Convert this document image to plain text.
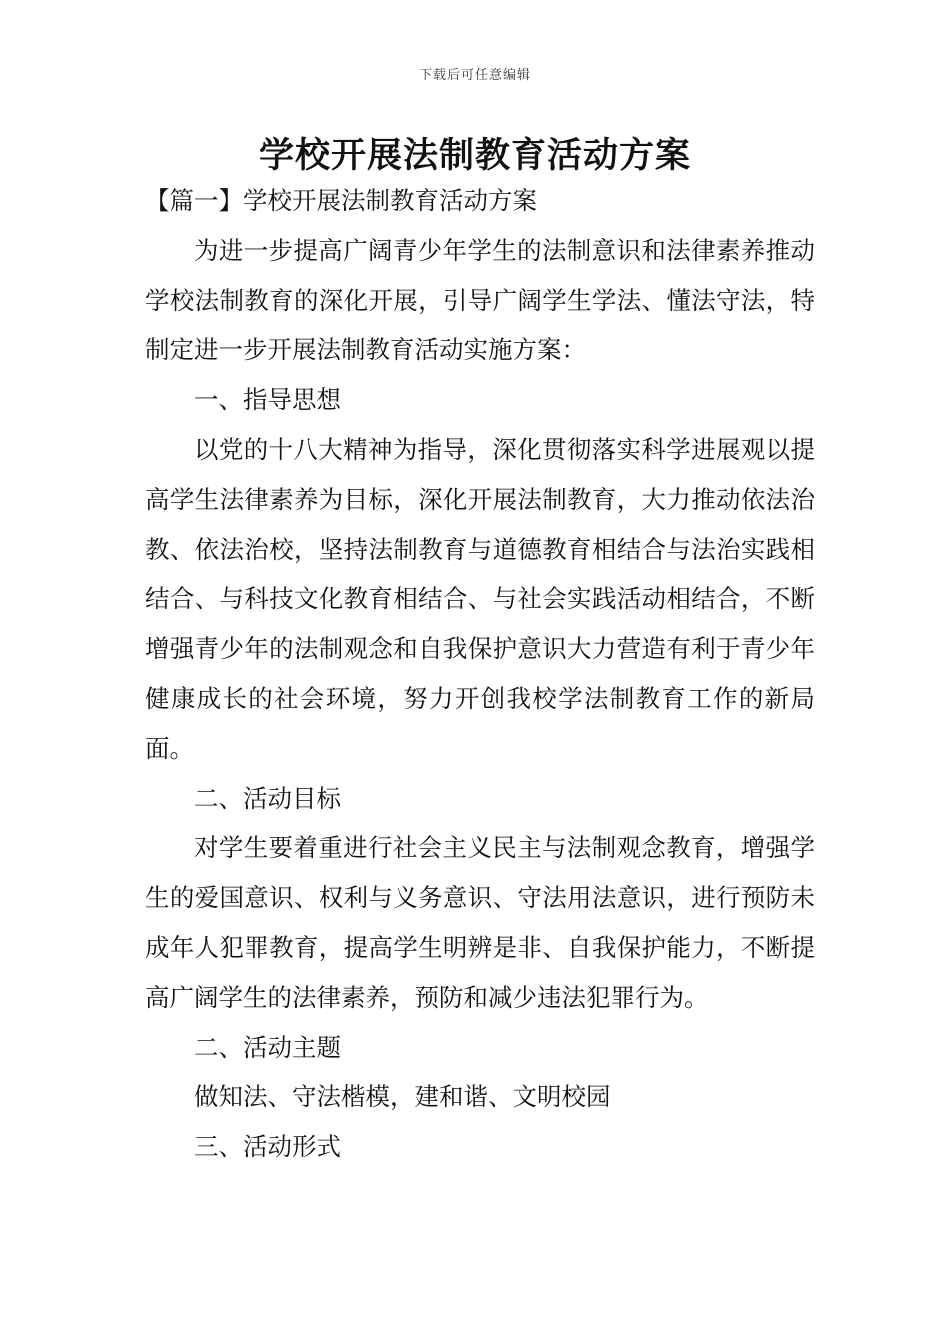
下载后可任意编辑
学校开展法制教育活动方案

【篇一】学校开展法制教育活动方案

为进一步提高广阔青少年学生的法制意识和法律素养推动学校法制教育的深化开展，引导广阔学生学法、懂法守法，特制定进一步开展法制教育活动实施方案：

一、指导思想

以党的十八大精神为指导，深化贯彻落实科学进展观以提高学生法律素养为目标，深化开展法制教育，大力推动依法治教、依法治校，坚持法制教育与道德教育相结合与法治实践相结合、与科技文化教育相结合、与社会实践活动相结合，不断增强青少年的法制观念和自我保护意识大力营造有利于青少年健康成长的社会环境，努力开创我校学法制教育工作的新局面。

二、活动目标

对学生要着重进行社会主义民主与法制观念教育，增强学生的爱国意识、权利与义务意识、守法用法意识，进行预防未成年人犯罪教育，提高学生明辨是非、自我保护能力，不断提高广阔学生的法律素养，预防和减少违法犯罪行为。

二、活动主题

做知法、守法楷模，建和谐、文明校园

三、活动形式
